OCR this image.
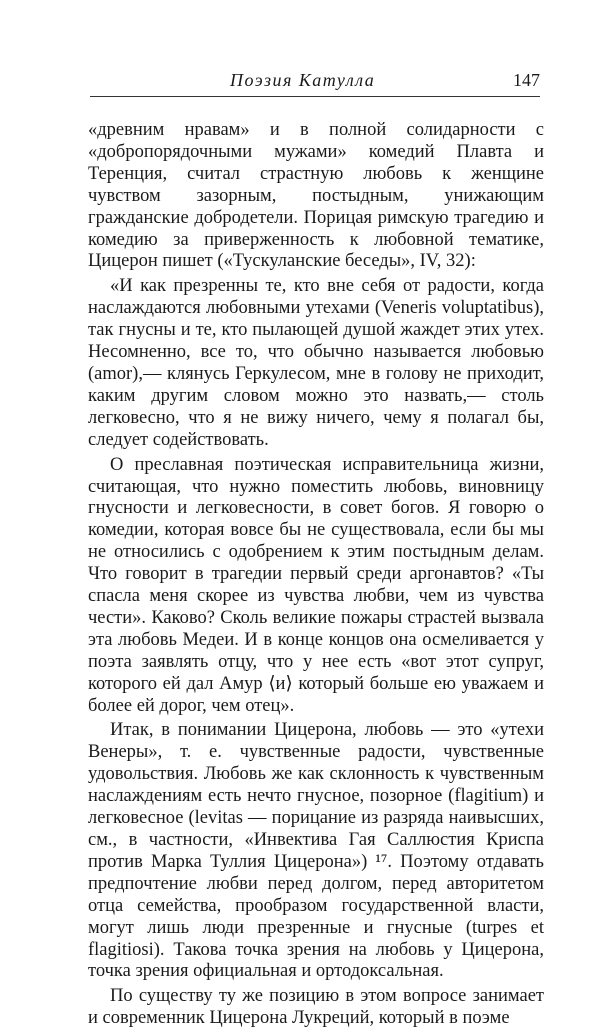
Поэзия Катулла	147

«древним нравам» и в полной солидарности с «добропорядочными мужами» комедий Плавта и Теренция, считал страстную любовь к женщине чувством зазорным, постыдным, унижающим гражданские добродетели. Порицая римскую трагедию и комедию за приверженность к любовной тематике, Цицерон пишет («Тускуланские беседы», IV, 32):

«И как презренны те, кто вне себя от радости, когда наслаждаются любовными утехами (Veneris voluptatibus), так гнусны и те, кто пылающей душой жаждет этих утех. Несомненно, все то, что обычно называется любовью (amor),— клянусь Геркулесом, мне в голову не приходит, каким другим словом можно это назвать,— столь легковесно, что я не вижу ничего, чему я полагал бы, следует содействовать.

О преславная поэтическая исправительница жизни, считающая, что нужно поместить любовь, виновницу гнусности и легковесности, в совет богов. Я говорю о комедии, которая вовсе бы не существовала, если бы мы не относились с одобрением к этим постыдным делам. Что говорит в трагедии первый среди аргонавтов? «Ты спасла меня скорее из чувства любви, чем из чувства чести». Каково? Сколь великие пожары страстей вызвала эта любовь Медеи. И в конце концов она осмеливается у поэта заявлять отцу, что у нее есть «вот этот супруг, которого ей дал Амур ⟨и⟩ который больше ею уважаем и более ей дорог, чем отец».

Итак, в понимании Цицерона, любовь — это «утехи Венеры», т. е. чувственные радости, чувственные удовольствия. Любовь же как склонность к чувственным наслаждениям есть нечто гнусное, позорное (flagitium) и легковесное (levitas — порицание из разряда наивысших, см., в частности, «Инвектива Гая Саллюстия Криспа против Марка Туллия Цицерона») ¹⁷. Поэтому отдавать предпочтение любви перед долгом, перед авторитетом отца семейства, прообразом государственной власти, могут лишь люди презренные и гнусные (turpes et flagitiosi). Такова точка зрения на любовь у Цицерона, точка зрения официальная и ортодоксальная.

По существу ту же позицию в этом вопросе занимает и современник Цицерона Лукреций, который в поэме
